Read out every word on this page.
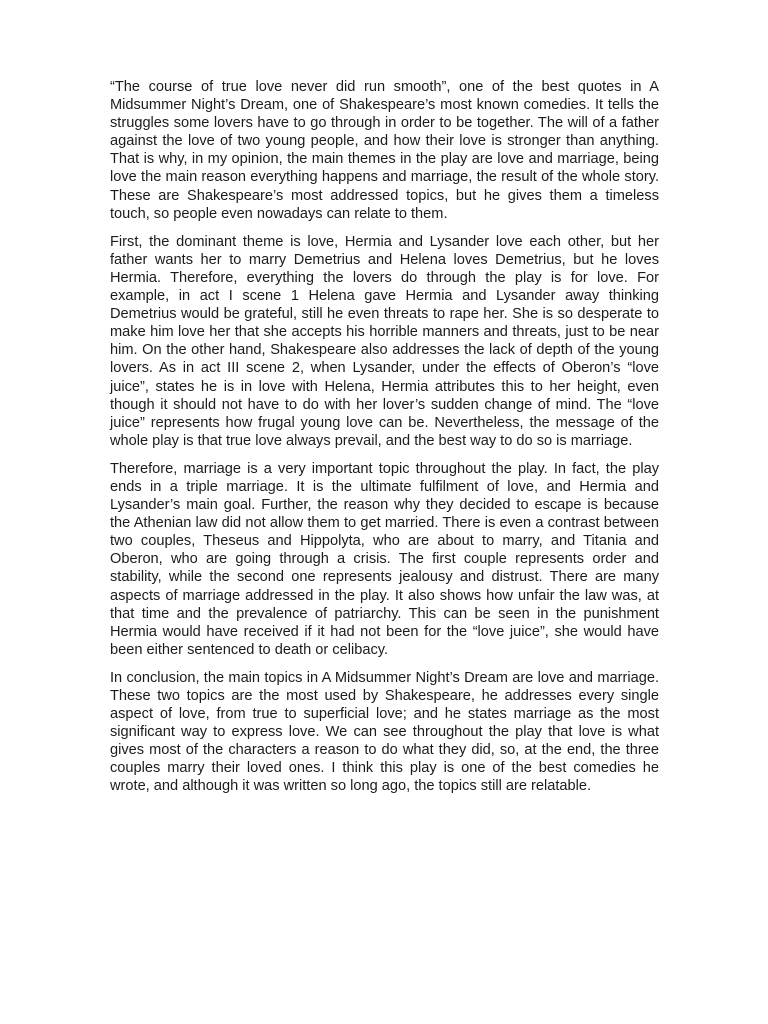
“The course of true love never did run smooth”, one of the best quotes in A Midsummer Night’s Dream, one of Shakespeare’s most known comedies. It tells the struggles some lovers have to go through in order to be together. The will of a father against the love of two young people, and how their love is stronger than anything. That is why, in my opinion, the main themes in the play are love and marriage, being love the main reason everything happens and marriage, the result of the whole story. These are Shakespeare’s most addressed topics, but he gives them a timeless touch, so people even nowadays can relate to them.

First, the dominant theme is love, Hermia and Lysander love each other, but her father wants her to marry Demetrius and Helena loves Demetrius, but he loves Hermia. Therefore, everything the lovers do through the play is for love. For example, in act I scene 1 Helena gave Hermia and Lysander away thinking Demetrius would be grateful, still he even threats to rape her. She is so desperate to make him love her that she accepts his horrible manners and threats, just to be near him. On the other hand, Shakespeare also addresses the lack of depth of the young lovers. As in act III scene 2, when Lysander, under the effects of Oberon’s “love juice”, states he is in love with Helena, Hermia attributes this to her height, even though it should not have to do with her lover’s sudden change of mind. The “love juice” represents how frugal young love can be. Nevertheless, the message of the whole play is that true love always prevail, and the best way to do so is marriage.

Therefore, marriage is a very important topic throughout the play. In fact, the play ends in a triple marriage. It is the ultimate fulfilment of love, and Hermia and Lysander’s main goal. Further, the reason why they decided to escape is because the Athenian law did not allow them to get married. There is even a contrast between two couples, Theseus and Hippolyta, who are about to marry, and Titania and Oberon, who are going through a crisis. The first couple represents order and stability, while the second one represents jealousy and distrust. There are many aspects of marriage addressed in the play. It also shows how unfair the law was, at that time and the prevalence of patriarchy. This can be seen in the punishment Hermia would have received if it had not been for the “love juice”, she would have been either sentenced to death or celibacy.

In conclusion, the main topics in A Midsummer Night’s Dream are love and marriage. These two topics are the most used by Shakespeare, he addresses every single aspect of love, from true to superficial love; and he states marriage as the most significant way to express love. We can see throughout the play that love is what gives most of the characters a reason to do what they did, so, at the end, the three couples marry their loved ones. I think this play is one of the best comedies he wrote, and although it was written so long ago, the topics still are relatable.
